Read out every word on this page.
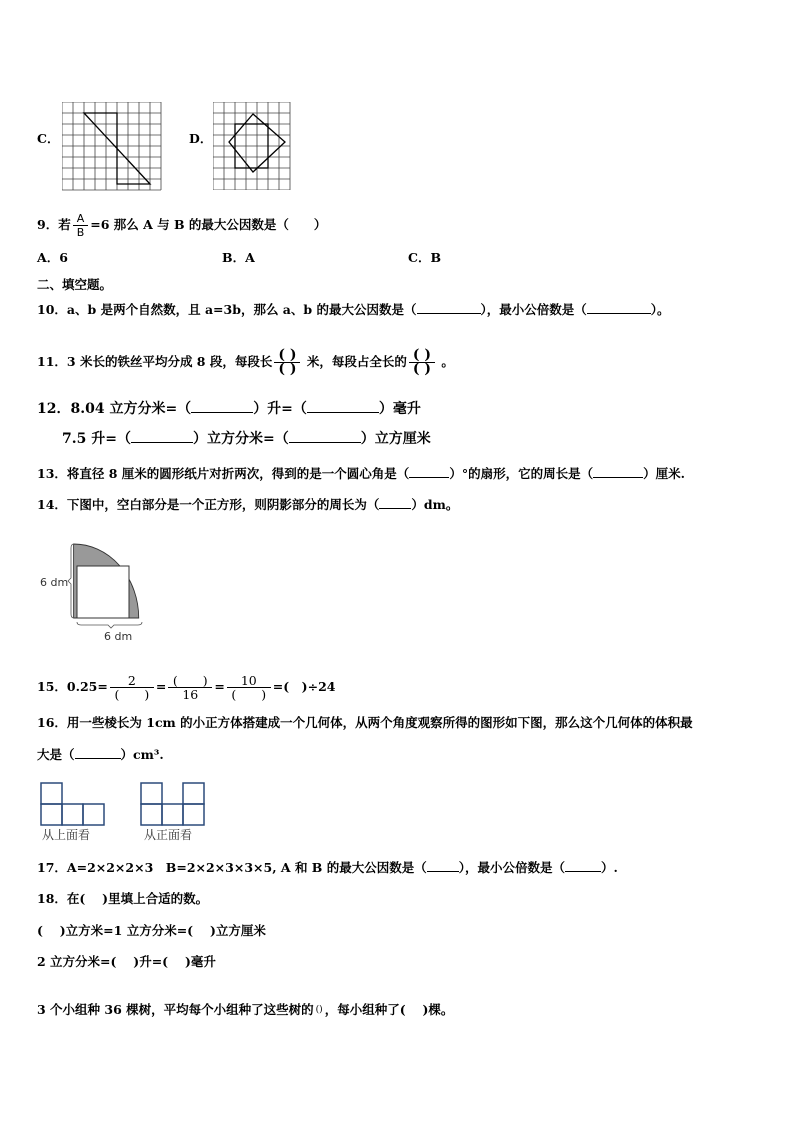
C．	D．
9．若 $\frac{A}{B} =6$ 那么 A 与 B 的最大公因数是（　　）
A．6	B．A	C．B
二、填空题。
10．a、b 是两个自然数，且 a=3b，那么 a、b 的最大公因数是（	），最小公倍数是（	）。
11．3 米长的铁丝平均分成 8 段，每段长 $\frac{( )}{( )}$ 米，每段占全长的 $\frac{( )}{( )}$ 。
12．8.04 立方分米=（	）升=（	）毫升
7.5 升=（	）立方分米=（	）立方厘米
13．将直径 8 厘米的圆形纸片对折两次，得到的是一个圆心角是（	）°的扇形，它的周长是（	）厘米.
14．下图中，空白部分是一个正方形，则阴影部分的周长为（	）dm。
6 dm
6 dm
15．$0.25= \frac{2}{( )} = \frac{( )}{16} = \frac{10}{( )}$ =(　)÷24
16．用一些棱长为 1cm 的小正方体搭建成一个几何体，从两个角度观察所得的图形如下图，那么这个几何体的体积最
大是（	）cm³.
从上面看	从正面看
17．A=2×2×2×3　B=2×2×3×3×5, A 和 B 的最大公因数是（	），最小公倍数是（	）.
18．在(　 )里填上合适的数。
(　 )立方米=1 立方分米=(　 )立方厘米
2 立方分米=(　 )升=(　 )毫升
3 个小组种 36 棵树，平均每个小组种了这些树的 () ，每小组种了(　 )棵。
